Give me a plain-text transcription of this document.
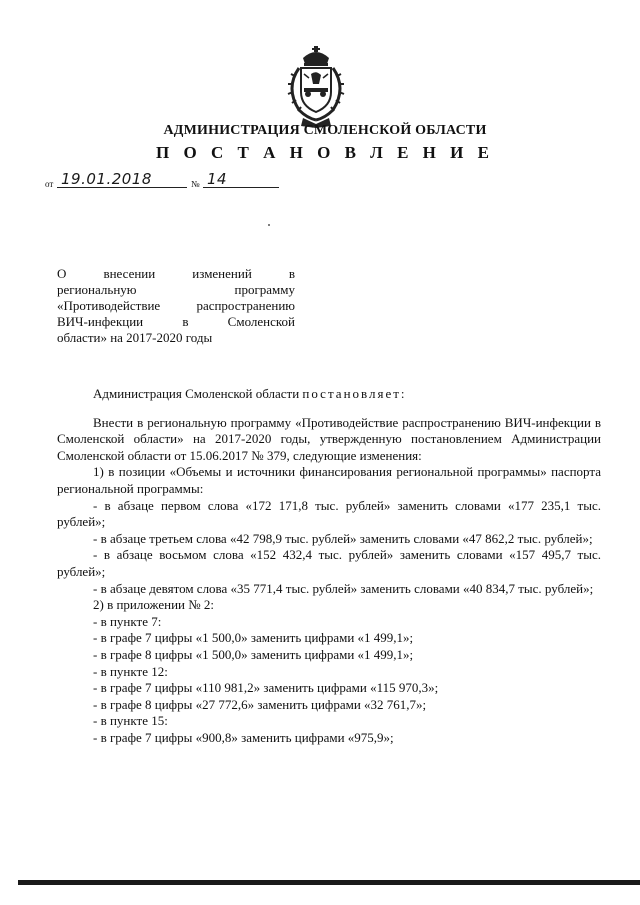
АДМИНИСТРАЦИЯ СМОЛЕНСКОЙ ОБЛАСТИ
П О С Т А Н О В Л Е Н И Е
от 19.01.2018	№ 14
О внесении изменений в
региональную программу
«Противодействие распространению
ВИЧ-инфекции в Смоленской
области» на 2017-2020 годы
Администрация Смоленской области постановляет:
Внести в региональную программу «Противодействие распространению ВИЧ-инфекции в Смоленской области» на 2017-2020 годы, утвержденную постановлением Администрации Смоленской области от 15.06.2017 № 379, следующие изменения:
1) в позиции «Объемы и источники финансирования региональной программы» паспорта региональной программы:
- в абзаце первом слова «172 171,8 тыс. рублей» заменить словами «177 235,1 тыс. рублей»;
- в абзаце третьем слова «42 798,9 тыс. рублей» заменить словами «47 862,2 тыс. рублей»;
- в абзаце восьмом слова «152 432,4 тыс. рублей» заменить словами «157 495,7 тыс. рублей»;
- в абзаце девятом слова «35 771,4 тыс. рублей» заменить словами «40 834,7 тыс. рублей»;
2) в приложении № 2:
- в пункте 7:
- в графе 7 цифры «1 500,0» заменить цифрами «1 499,1»;
- в графе 8 цифры «1 500,0» заменить цифрами «1 499,1»;
- в пункте 12:
- в графе 7 цифры «110 981,2» заменить цифрами «115 970,3»;
- в графе 8 цифры «27 772,6» заменить цифрами «32 761,7»;
- в пункте 15:
- в графе 7 цифры «900,8» заменить цифрами «975,9»;
